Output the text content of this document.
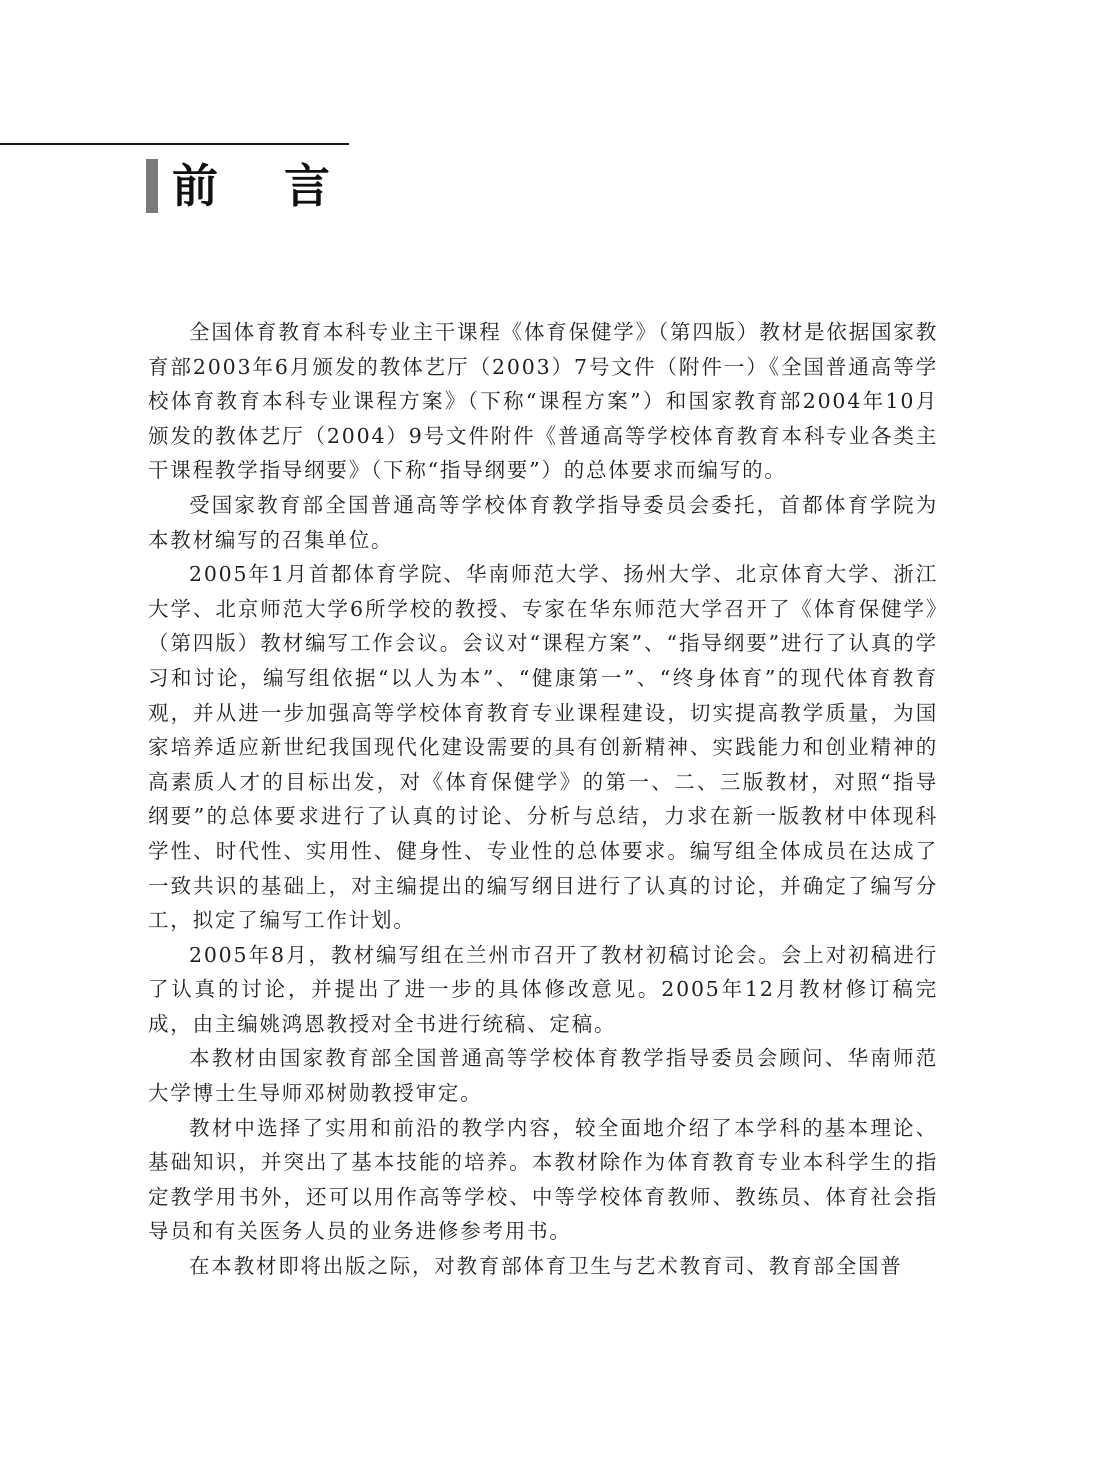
前言

全国体育教育本科专业主干课程《体育保健学》（第四版）教材是依据国家教育部2003年6月颁发的教体艺厅（2003）7号文件（附件一）《全国普通高等学校体育教育本科专业课程方案》（下称“课程方案”）和国家教育部2004年10月颁发的教体艺厅（2004）9号文件附件《普通高等学校体育教育本科专业各类主干课程教学指导纲要》（下称“指导纲要”）的总体要求而编写的。

受国家教育部全国普通高等学校体育教学指导委员会委托，首都体育学院为本教材编写的召集单位。

2005年1月首都体育学院、华南师范大学、扬州大学、北京体育大学、浙江大学、北京师范大学6所学校的教授、专家在华东师范大学召开了《体育保健学》（第四版）教材编写工作会议。会议对“课程方案”、“指导纲要”进行了认真的学习和讨论，编写组依据“以人为本”、“健康第一”、“终身体育”的现代体育教育观，并从进一步加强高等学校体育教育专业课程建设，切实提高教学质量，为国家培养适应新世纪我国现代化建设需要的具有创新精神、实践能力和创业精神的高素质人才的目标出发，对《体育保健学》的第一、二、三版教材，对照“指导纲要”的总体要求进行了认真的讨论、分析与总结，力求在新一版教材中体现科学性、时代性、实用性、健身性、专业性的总体要求。编写组全体成员在达成了一致共识的基础上，对主编提出的编写纲目进行了认真的讨论，并确定了编写分工，拟定了编写工作计划。

2005年8月，教材编写组在兰州市召开了教材初稿讨论会。会上对初稿进行了认真的讨论，并提出了进一步的具体修改意见。2005年12月教材修订稿完成，由主编姚鸿恩教授对全书进行统稿、定稿。

本教材由国家教育部全国普通高等学校体育教学指导委员会顾问、华南师范大学博士生导师邓树勋教授审定。

教材中选择了实用和前沿的教学内容，较全面地介绍了本学科的基本理论、基础知识，并突出了基本技能的培养。本教材除作为体育教育专业本科学生的指定教学用书外，还可以用作高等学校、中等学校体育教师、教练员、体育社会指导员和有关医务人员的业务进修参考用书。

在本教材即将出版之际，对教育部体育卫生与艺术教育司、教育部全国普
